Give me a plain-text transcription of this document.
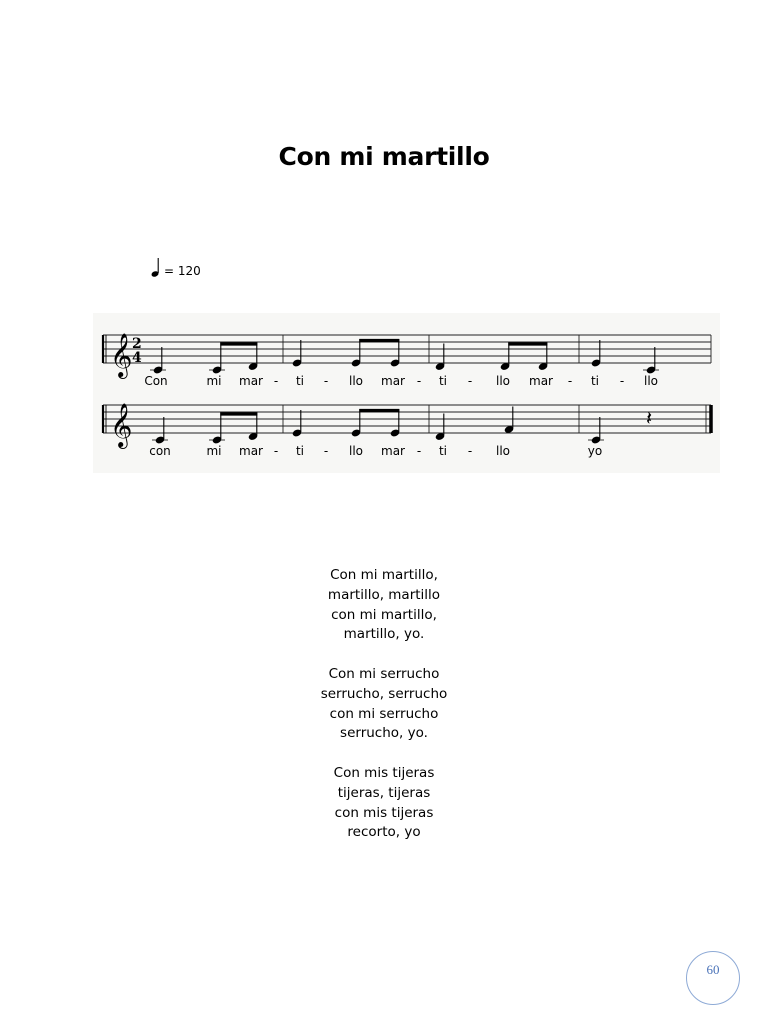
Con mi martillo
= 120
𝄞 2
4
𝄞	𝄽
Con	mi mar - ti - llo mar - ti - llo mar - ti - llo
con	mi mar - ti - llo mar - ti - llo	yo
Con mi martillo,
martillo, martillo
con mi martillo,
martillo, yo.
Con mi serrucho
serrucho, serrucho
con mi serrucho
serrucho, yo.
Con mis tijeras
tijeras, tijeras
con mis tijeras
recorto, yo
60
